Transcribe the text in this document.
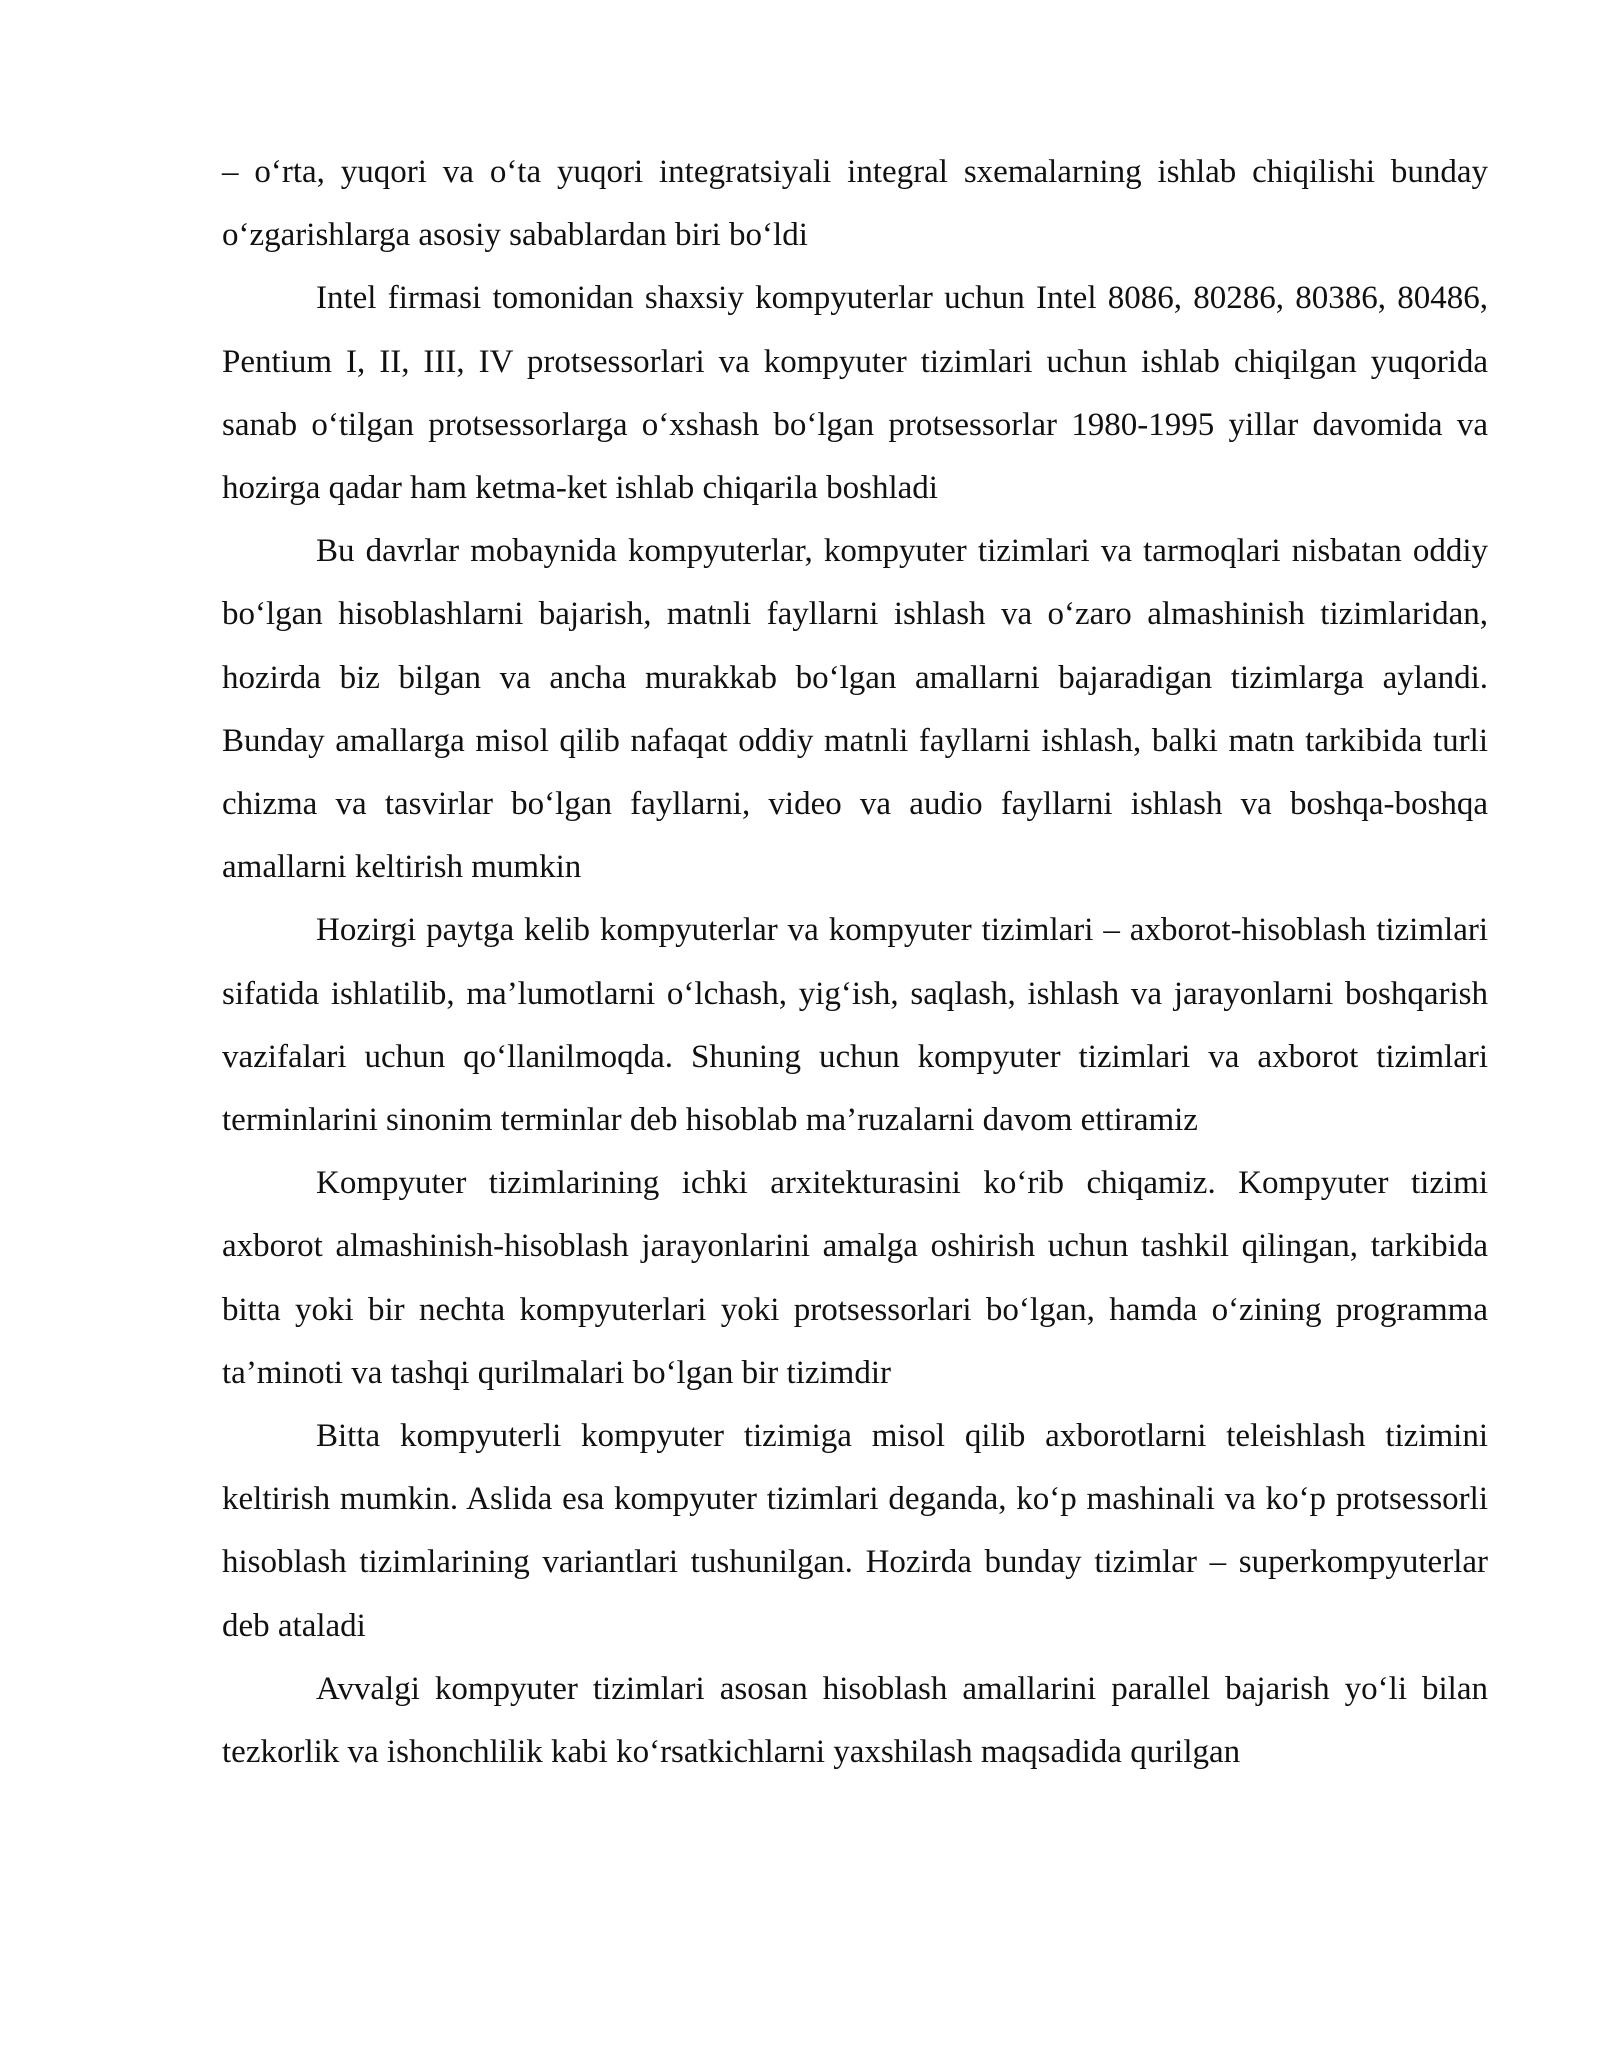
– o‘rta, yuqori va o‘ta yuqori integratsiyali integral sxemalarning ishlab chiqilishi bunday o‘zgarishlarga asosiy sabablardan biri bo‘ldi

Intel firmasi tomonidan shaxsiy kompyuterlar uchun Intel 8086, 80286, 80386, 80486, Pentium I, II, III, IV protsessorlari va kompyuter tizimlari uchun ishlab chiqilgan yuqorida sanab o‘tilgan protsessorlarga o‘xshash bo‘lgan protsessorlar 1980-1995 yillar davomida va hozirga qadar ham ketma-ket ishlab chiqarila boshladi

Bu davrlar mobaynida kompyuterlar, kompyuter tizimlari va tarmoqlari nisbatan oddiy bo‘lgan hisoblashlarni bajarish, matnli fayllarni ishlash va o‘zaro almashinish tizimlaridan, hozirda biz bilgan va ancha murakkab bo‘lgan amallarni bajaradigan tizimlarga aylandi. Bunday amallarga misol qilib nafaqat oddiy matnli fayllarni ishlash, balki matn tarkibida turli chizma va tasvirlar bo‘lgan fayllarni, video va audio fayllarni ishlash va boshqa-boshqa amallarni keltirish mumkin

Hozirgi paytga kelib kompyuterlar va kompyuter tizimlari – axborot-hisoblash tizimlari sifatida ishlatilib, ma’lumotlarni o‘lchash, yig‘ish, saqlash, ishlash va jarayonlarni boshqarish vazifalari uchun qo‘llanilmoqda. Shuning uchun kompyuter tizimlari va axborot tizimlari terminlarini sinonim terminlar deb hisoblab ma’ruzalarni davom ettiramiz

Kompyuter tizimlarining ichki arxitekturasini ko‘rib chiqamiz. Kompyuter tizimi axborot almashinish-hisoblash jarayonlarini amalga oshirish uchun tashkil qilingan, tarkibida bitta yoki bir nechta kompyuterlari yoki protsessorlari bo‘lgan, hamda o‘zining programma ta’minoti va tashqi qurilmalari bo‘lgan bir tizimdir

Bitta kompyuterli kompyuter tizimiga misol qilib axborotlarni teleishlash tizimini keltirish mumkin. Aslida esa kompyuter tizimlari deganda, ko‘p mashinali va ko‘p protsessorli hisoblash tizimlarining variantlari tushunilgan. Hozirda bunday tizimlar – superkompyuterlar deb ataladi

Avvalgi kompyuter tizimlari asosan hisoblash amallarini parallel bajarish yo‘li bilan tezkorlik va ishonchlilik kabi ko‘rsatkichlarni yaxshilash maqsadida qurilgan
